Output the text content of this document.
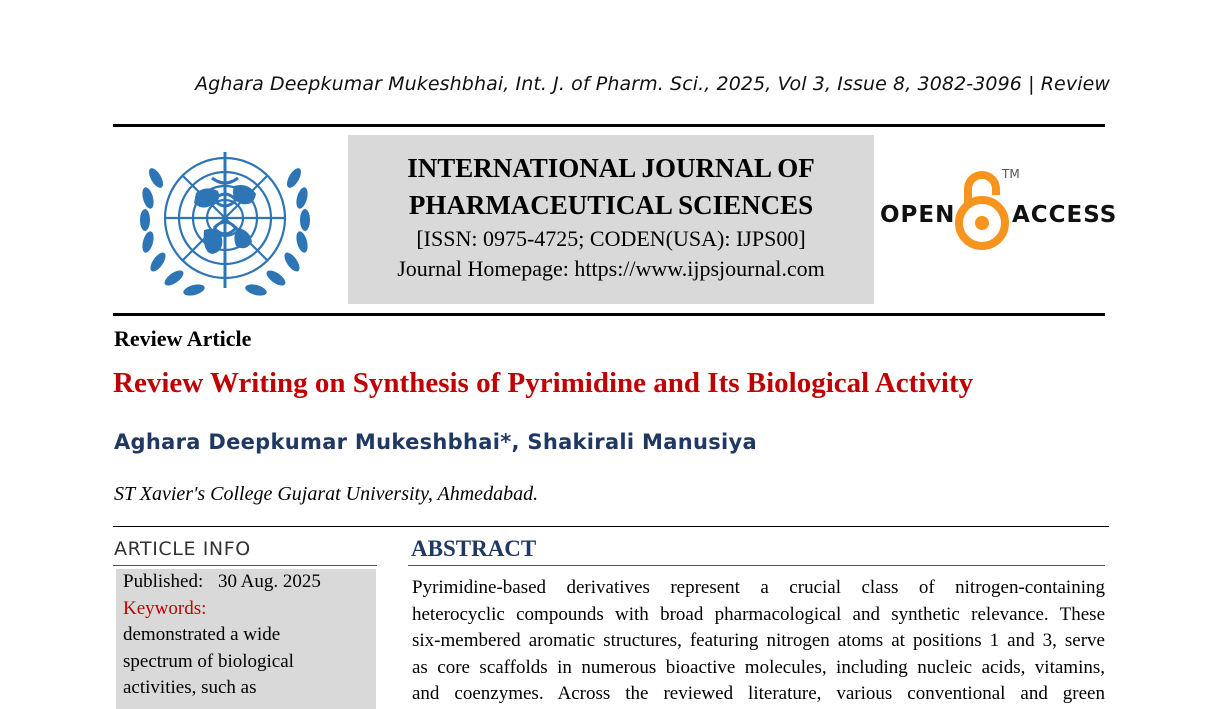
Aghara Deepkumar Mukeshbhai, Int. J. of Pharm. Sci., 2025, Vol 3, Issue 8, 3082-3096 | Review
INTERNATIONAL JOURNAL OF
PHARMACEUTICAL SCIENCES
[ISSN: 0975-4725; CODEN(USA): IJPS00]
Journal Homepage: https://www.ijpsjournal.com
OPEN ACCESS
TM
Review Article
Review Writing on Synthesis of Pyrimidine and Its Biological Activity
Aghara Deepkumar Mukeshbhai*, Shakirali Manusiya
ST Xavier's College Gujarat University, Ahmedabad.
ARTICLE INFO
Published: 30 Aug. 2025
Keywords:
demonstrated a wide
spectrum of biological
activities, such as
ABSTRACT
Pyrimidine-based derivatives represent a crucial class of nitrogen-containing
heterocyclic compounds with broad pharmacological and synthetic relevance. These
six-membered aromatic structures, featuring nitrogen atoms at positions 1 and 3, serve
as core scaffolds in numerous bioactive molecules, including nucleic acids, vitamins,
and coenzymes. Across the reviewed literature, various conventional and green
